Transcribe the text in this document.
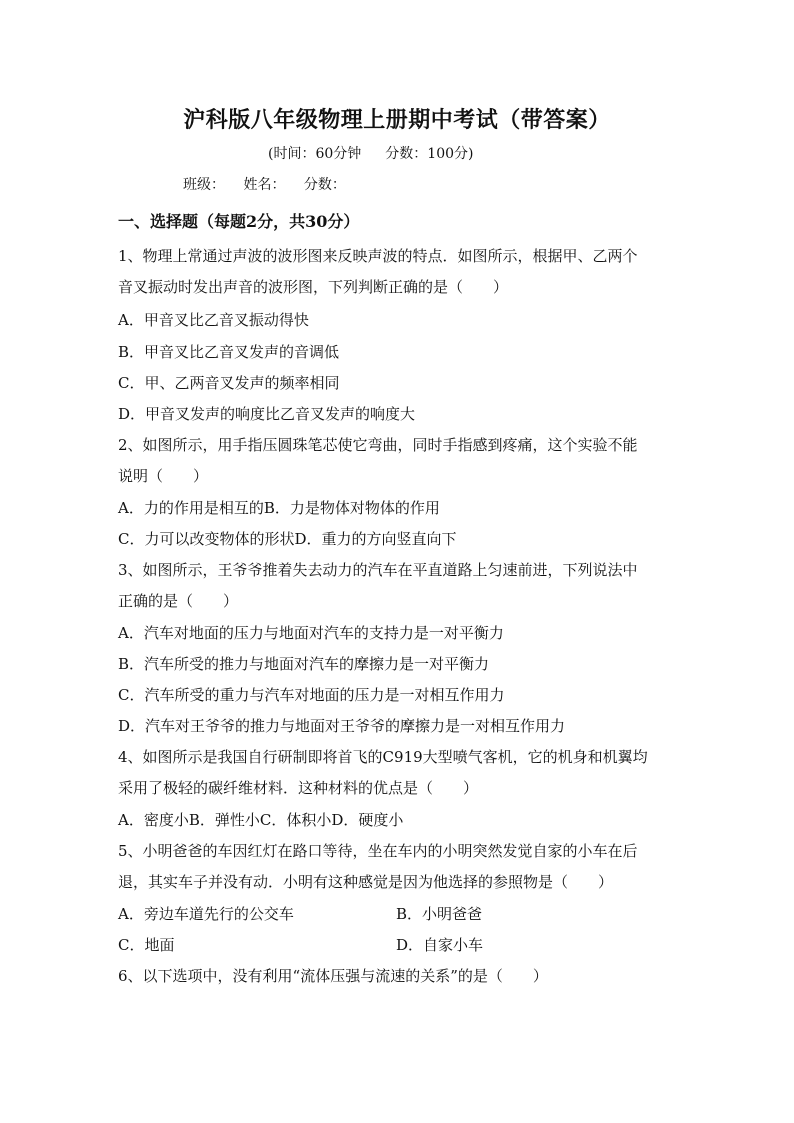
沪科版八年级物理上册期中考试（带答案）
(时间：60分钟 分数：100分)
班级： 姓名： 分数：
一、选择题（每题2分，共30分）
1、物理上常通过声波的波形图来反映声波的特点．如图所示，根据甲、乙两个
音叉振动时发出声音的波形图，下列判断正确的是（　　）
A．甲音叉比乙音叉振动得快
B．甲音叉比乙音叉发声的音调低
C．甲、乙两音叉发声的频率相同
D．甲音叉发声的响度比乙音叉发声的响度大
2、如图所示，用手指压圆珠笔芯使它弯曲，同时手指感到疼痛，这个实验不能
说明（　　）
A．力的作用是相互的B．力是物体对物体的作用
C．力可以改变物体的形状D．重力的方向竖直向下
3、如图所示，王爷爷推着失去动力的汽车在平直道路上匀速前进，下列说法中
正确的是（　　）
A．汽车对地面的压力与地面对汽车的支持力是一对平衡力
B．汽车所受的推力与地面对汽车的摩擦力是一对平衡力
C．汽车所受的重力与汽车对地面的压力是一对相互作用力
D．汽车对王爷爷的推力与地面对王爷爷的摩擦力是一对相互作用力
4、如图所示是我国自行研制即将首飞的C919大型喷气客机，它的机身和机翼均
采用了极轻的碳纤维材料．这种材料的优点是（　　）
A．密度小B．弹性小C．体积小D．硬度小
5、小明爸爸的车因红灯在路口等待，坐在车内的小明突然发觉自家的小车在后
退，其实车子并没有动．小明有这种感觉是因为他选择的参照物是（　　）
A．旁边车道先行的公交车	B．小明爸爸
C．地面	D．自家小车
6、以下选项中，没有利用“流体压强与流速的关系”的是（　　）
